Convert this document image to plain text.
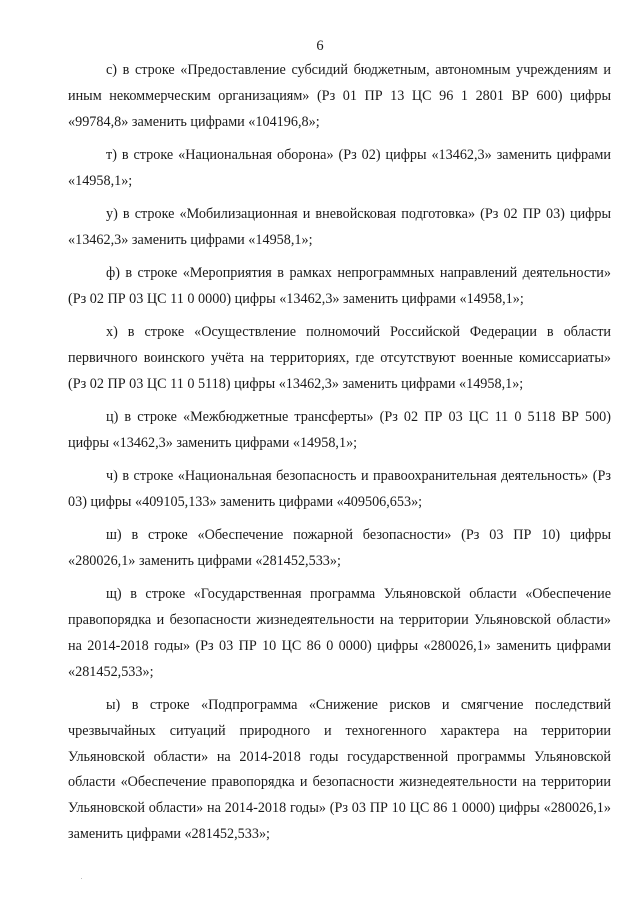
6

с) в строке «Предоставление субсидий бюджетным, автономным учреждениям и иным некоммерческим организациям» (Рз 01 ПР 13 ЦС 96 1 2801 ВР 600) цифры «99784,8» заменить цифрами «104196,8»;

т) в строке «Национальная оборона» (Рз 02) цифры «13462,3» заменить цифрами «14958,1»;

у) в строке «Мобилизационная и вневойсковая подготовка» (Рз 02 ПР 03) цифры «13462,3» заменить цифрами «14958,1»;

ф) в строке «Мероприятия в рамках непрограммных направлений деятельности» (Рз 02 ПР 03 ЦС 11 0 0000) цифры «13462,3» заменить цифрами «14958,1»;

х) в строке «Осуществление полномочий Российской Федерации в области первичного воинского учёта на территориях, где отсутствуют военные комиссариаты» (Рз 02 ПР 03 ЦС 11 0 5118) цифры «13462,3» заменить цифрами «14958,1»;

ц) в строке «Межбюджетные трансферты» (Рз 02 ПР 03 ЦС 11 0 5118 ВР 500) цифры «13462,3» заменить цифрами «14958,1»;

ч) в строке «Национальная безопасность и правоохранительная деятельность» (Рз 03) цифры «409105,133» заменить цифрами «409506,653»;

ш) в строке «Обеспечение пожарной безопасности» (Рз 03 ПР 10) цифры «280026,1» заменить цифрами «281452,533»;

щ) в строке «Государственная программа Ульяновской области «Обеспечение правопорядка и безопасности жизнедеятельности на территории Ульяновской области» на 2014-2018 годы» (Рз 03 ПР 10 ЦС 86 0 0000) цифры «280026,1» заменить цифрами «281452,533»;

ы) в строке «Подпрограмма «Снижение рисков и смягчение последствий чрезвычайных ситуаций природного и техногенного характера на территории Ульяновской области» на 2014-2018 годы государственной программы Ульяновской области «Обеспечение правопорядка и безопасности жизнедеятельности на территории Ульяновской области» на 2014-2018 годы» (Рз 03 ПР 10 ЦС 86 1 0000) цифры «280026,1» заменить цифрами «281452,533»;
